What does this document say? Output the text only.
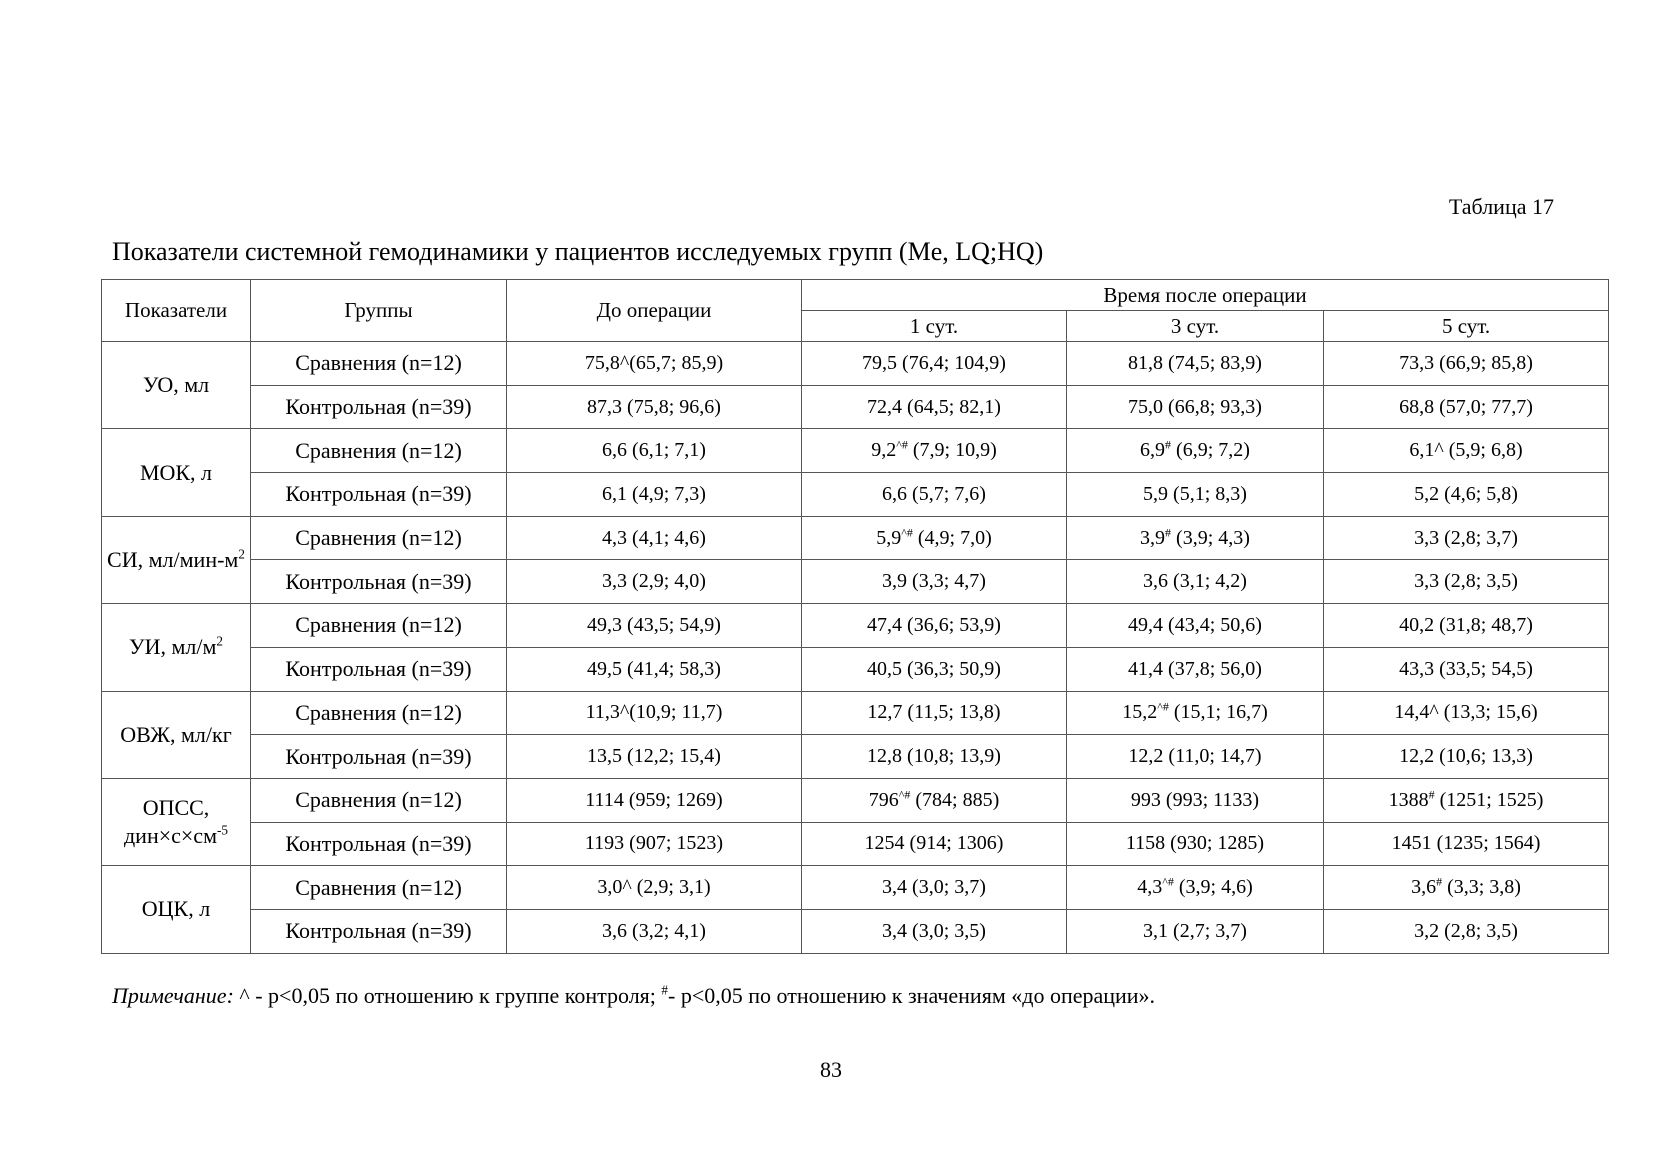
Таблица 17
Показатели системной гемодинамики у пациентов исследуемых групп (Me, LQ;HQ)
Показатели	Группы	До операции	Время после операции		
			1 сут.	3 сут.	5 сут.
УО, мл	Сравнения (n=12)	75,8^(65,7; 85,9)	79,5 (76,4; 104,9)	81,8 (74,5; 83,9)	73,3 (66,9; 85,8)
	Контрольная (n=39)	87,3 (75,8; 96,6)	72,4 (64,5; 82,1)	75,0 (66,8; 93,3)	68,8 (57,0; 77,7)
МОК, л	Сравнения (n=12)	6,6 (6,1; 7,1)	9,2^# (7,9; 10,9)	6,9# (6,9; 7,2)	6,1^ (5,9; 6,8)
	Контрольная (n=39)	6,1 (4,9; 7,3)	6,6 (5,7; 7,6)	5,9 (5,1; 8,3)	5,2 (4,6; 5,8)
СИ, $мл/мин-м^2$	Сравнения (n=12)	4,3 (4,1; 4,6)	5,9^# (4,9; 7,0)	3,9# (3,9; 4,3)	3,3 (2,8; 3,7)
	Контрольная (n=39)	3,3 (2,9; 4,0)	3,9 (3,3; 4,7)	3,6 (3,1; 4,2)	3,3 (2,8; 3,5)
УИ, $мл/м^2$	Сравнения (n=12)	49,3 (43,5; 54,9)	47,4 (36,6; 53,9)	49,4 (43,4; 50,6)	40,2 (31,8; 48,7)
	Контрольная (n=39)	49,5 (41,4; 58,3)	40,5 (36,3; 50,9)	41,4 (37,8; 56,0)	43,3 (33,5; 54,5)
ОВЖ, мл/кг	Сравнения (n=12)	11,3^(10,9; 11,7)	12,7 (11,5; 13,8)	15,2^# (15,1; 16,7)	14,4^ (13,3; 15,6)
	Контрольная (n=39)	13,5 (12,2; 15,4)	12,8 (10,8; 13,9)	12,2 (11,0; 14,7)	12,2 (10,6; 13,3)
ОПСС, $дин\times с\times см^{-5}$	Сравнения (n=12)	1114 (959; 1269)	796^# (784; 885)	993 (993; 1133)	1388# (1251; 1525)
	Контрольная (n=39)	1193 (907; 1523)	1254 (914; 1306)	1158 (930; 1285)	1451 (1235; 1564)
ОЦК, л	Сравнения (n=12)	3,0^ (2,9; 3,1)	3,4 (3,0; 3,7)	4,3^# (3,9; 4,6)	3,6# (3,3; 3,8)
	Контрольная (n=39)	3,6 (3,2; 4,1)	3,4 (3,0; 3,5)	3,1 (2,7; 3,7)	3,2 (2,8; 3,5)
Примечание: ^ - p<0,05 по отношению к группе контроля; #- p<0,05 по отношению к значениям «до операции».
83
